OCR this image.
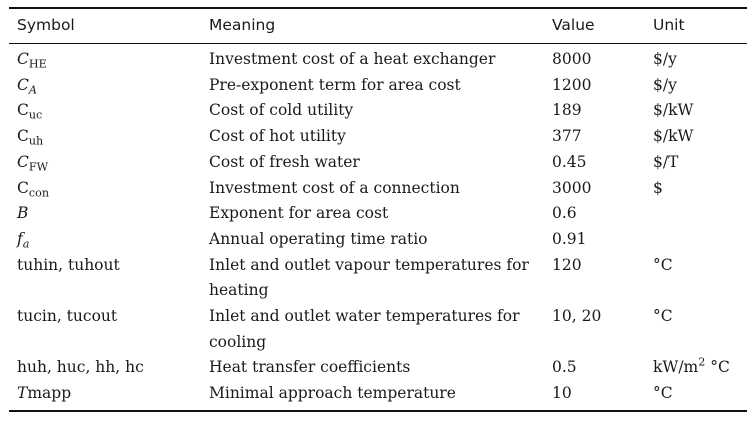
Symbol	Meaning	Value	Unit
$C_{HE}$	Investment cost of a heat exchanger	8000	$/y
$C_A$	Pre-exponent term for area cost	1200	$/y
$C_{uc}$	Cost of cold utility	189	$/kW
$C_{uh}$	Cost of hot utility	377	$/kW
$C_{FW}$	Cost of fresh water	0.45	$/T
$C_{con}$	Investment cost of a connection	3000	$
B	Exponent for area cost	0.6	
$f_a$	Annual operating time ratio	0.91	
tuhin, tuhout	Inlet and outlet vapour temperatures for heating	120	°C
tucin, tucout	Inlet and outlet water temperatures for cooling	10, 20	°C
huh, huc, hh, hc	Heat transfer coefficients	0.5	$kW/m^2$ °C
Tmapp	Minimal approach temperature	10	°C
